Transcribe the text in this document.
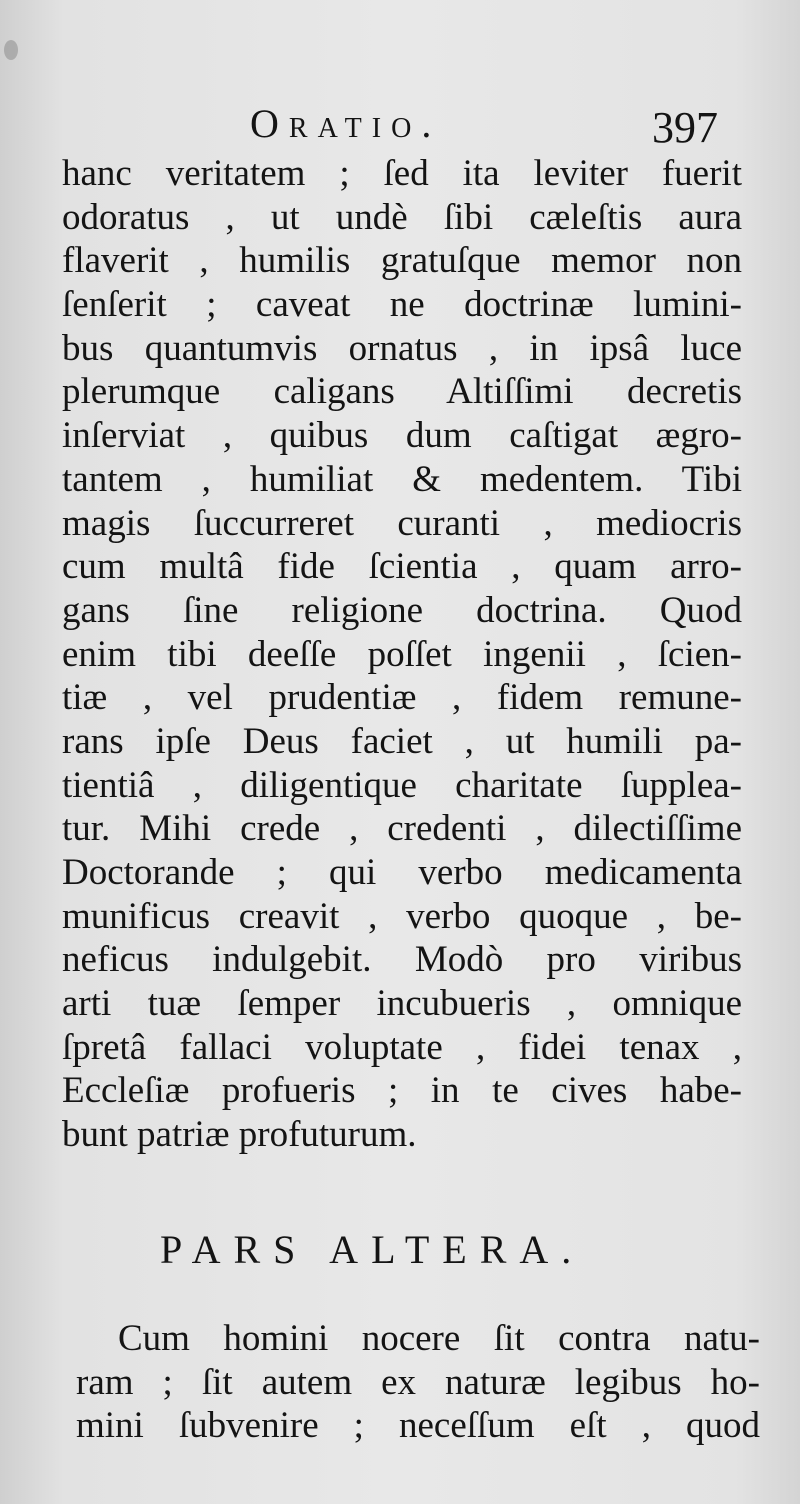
Oratio.	397

hanc veritatem ; ſed ita leviter fuerit
odoratus , ut undè ſibi cæleſtis aura
flaverit , humilis gratuſque memor non
ſenſerit ; caveat ne doctrinæ lumini-
bus quantumvis ornatus , in ipsâ luce
plerumque caligans Altiſſimi decretis
inſerviat , quibus dum caſtigat ægro-
tantem , humiliat & medentem. Tibi
magis ſuccurreret curanti , mediocris
cum multâ fide ſcientia , quam arro-
gans ſine religione doctrina. Quod
enim tibi deeſſe poſſet ingenii , ſcien-
tiæ , vel prudentiæ , fidem remune-
rans ipſe Deus faciet , ut humili pa-
tientiâ , diligentique charitate ſupplea-
tur. Mihi crede , credenti , dilectiſſime
Doctorande ; qui verbo medicamenta
munificus creavit , verbo quoque , be-
neficus indulgebit. Modò pro viribus
arti tuæ ſemper incubueris , omnique
ſpretâ fallaci voluptate , fidei tenax ,
Eccleſiæ profueris ; in te cives habe-
bunt patriæ profuturum.

PARS ALTERA.

Cum homini nocere ſit contra natu-
ram ; ſit autem ex naturæ legibus ho-
mini ſubvenire ; neceſſum eſt , quod
